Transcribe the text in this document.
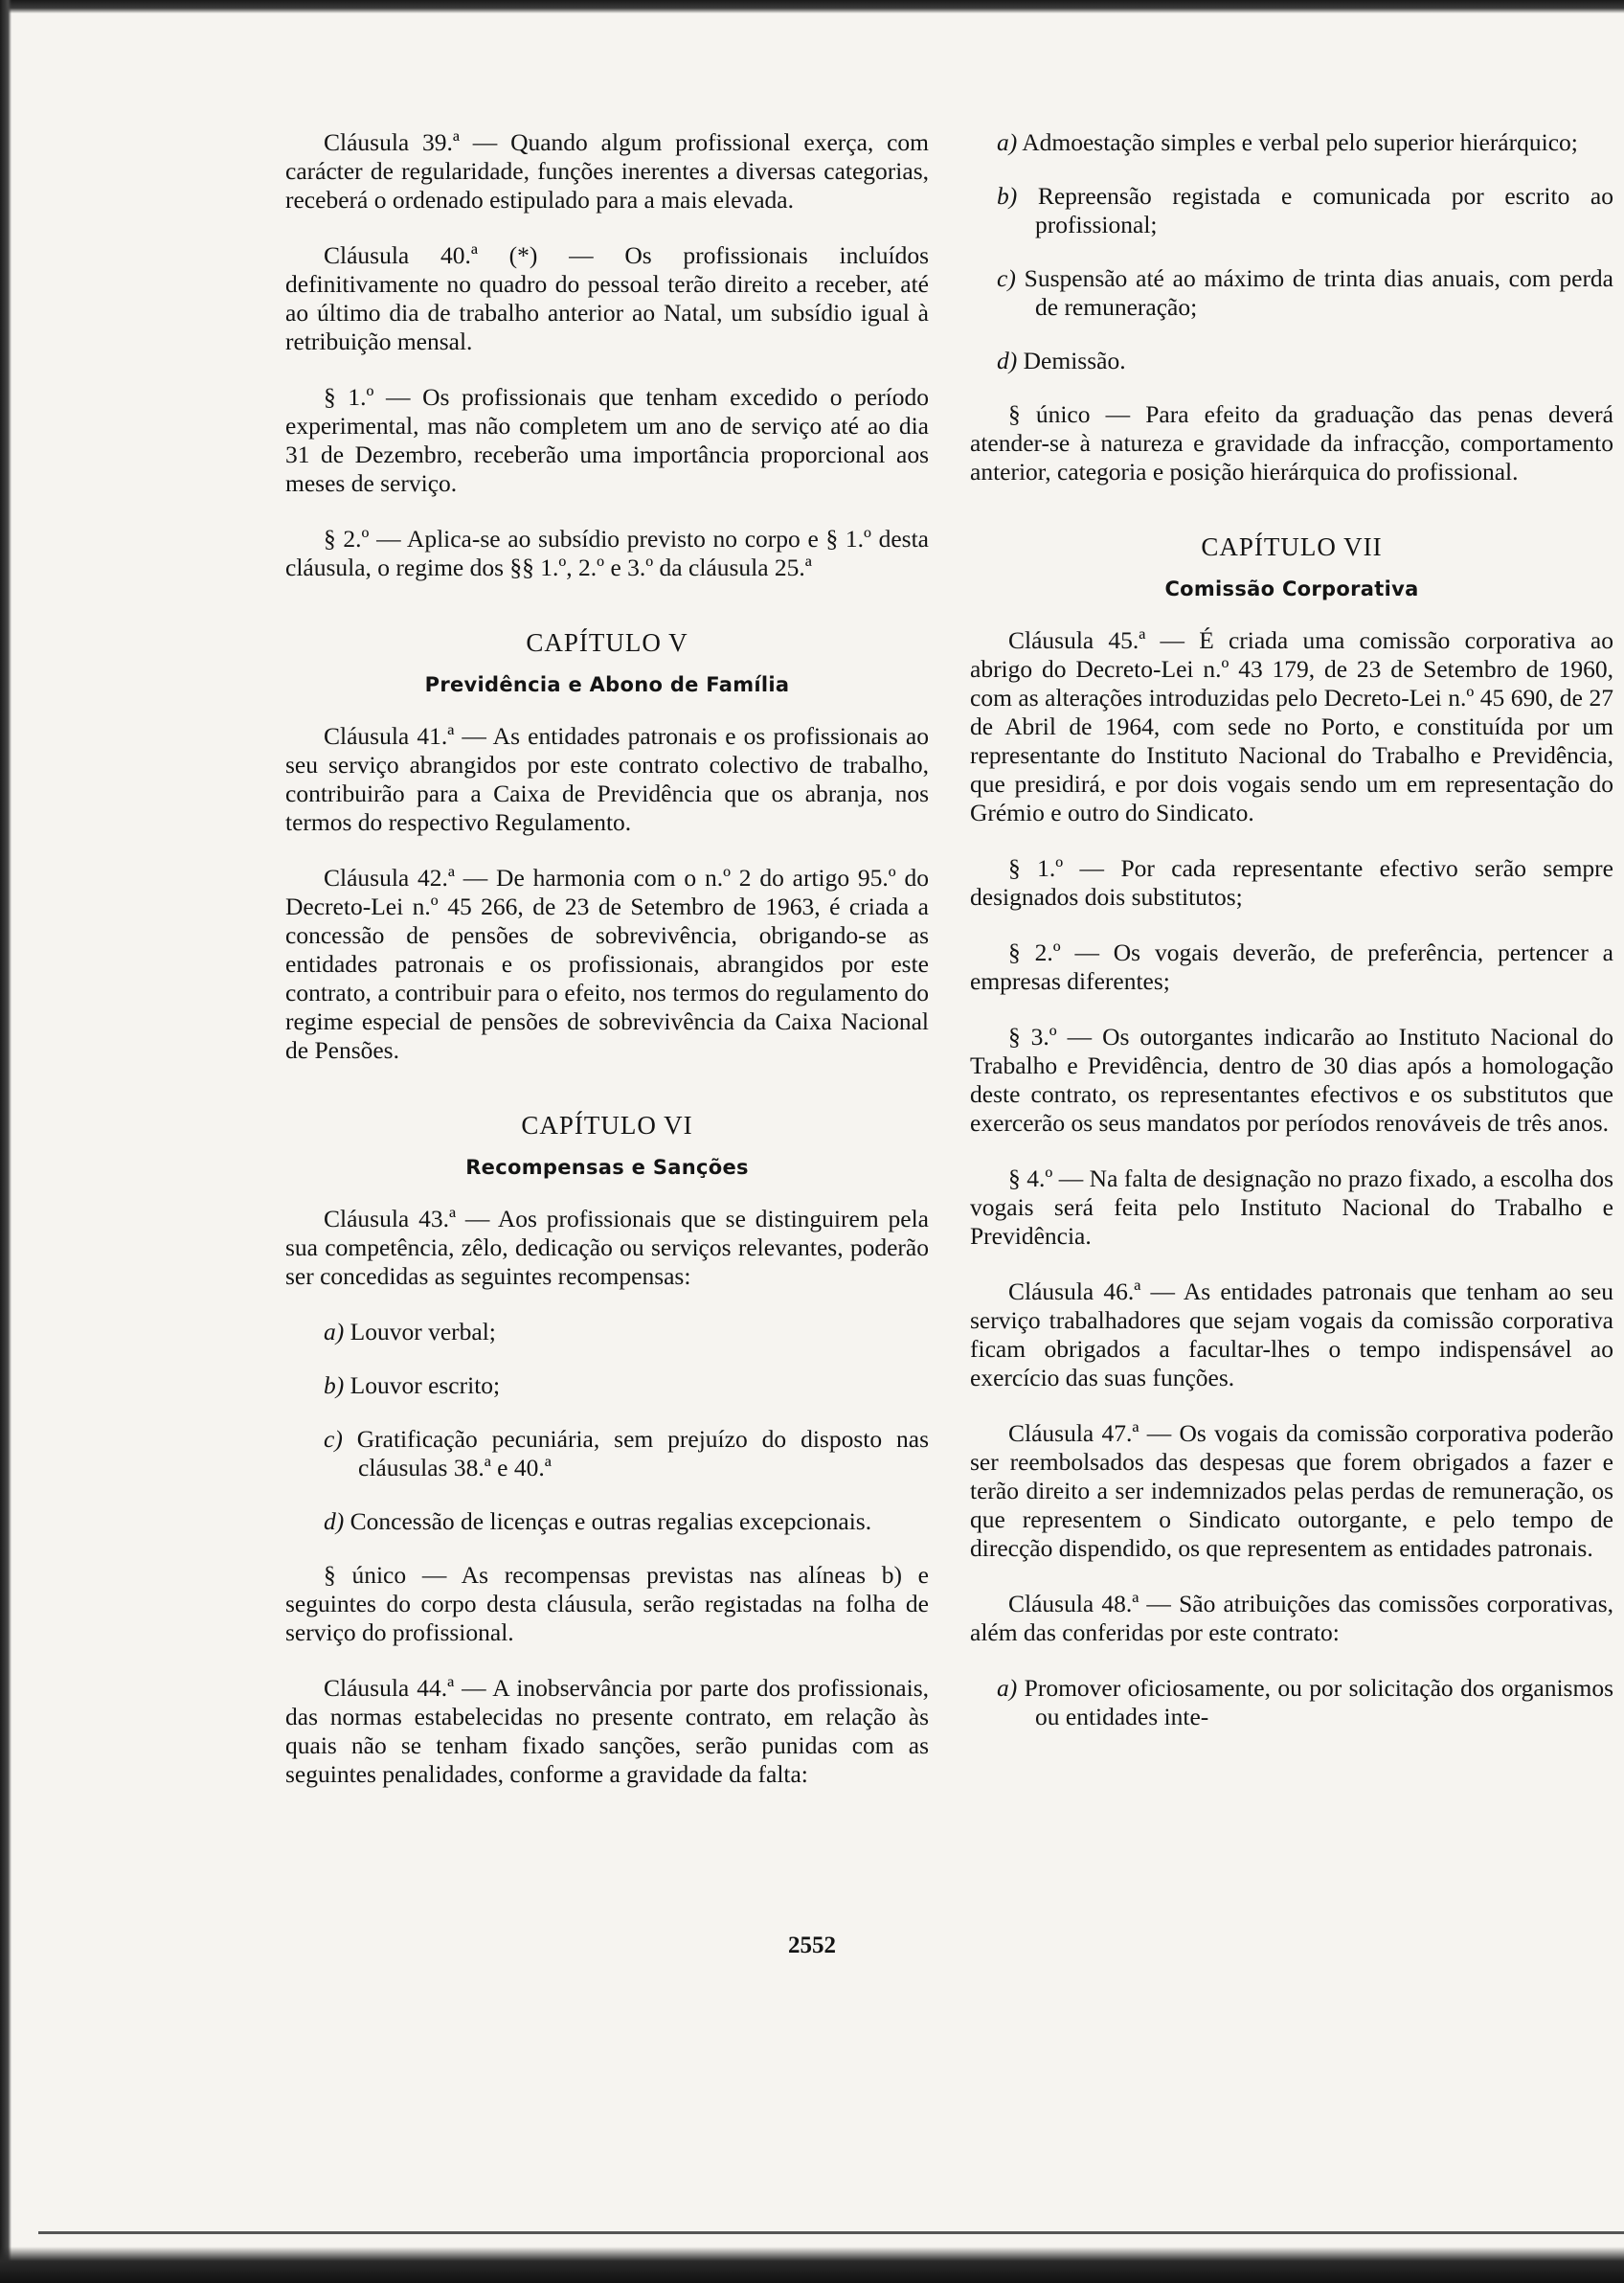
Cláusula 39.ª — Quando algum profissional exerça, com carácter de regularidade, funções inerentes a diversas categorias, receberá o ordenado estipulado para a mais elevada.

Cláusula 40.ª (*) — Os profissionais incluídos definitivamente no quadro do pessoal terão direito a receber, até ao último dia de trabalho anterior ao Natal, um subsídio igual à retribuição mensal.

§ 1.º — Os profissionais que tenham excedido o período experimental, mas não completem um ano de serviço até ao dia 31 de Dezembro, receberão uma importância proporcional aos meses de serviço.

§ 2.º — Aplica-se ao subsídio previsto no corpo e § 1.º desta cláusula, o regime dos §§ 1.º, 2.º e 3.º da cláusula 25.ª

CAPÍTULO V
Previdência e Abono de Família

Cláusula 41.ª — As entidades patronais e os profissionais ao seu serviço abrangidos por este contrato colectivo de trabalho, contribuirão para a Caixa de Previdência que os abranja, nos termos do respectivo Regulamento.

Cláusula 42.ª — De harmonia com o n.º 2 do artigo 95.º do Decreto-Lei n.º 45 266, de 23 de Setembro de 1963, é criada a concessão de pensões de sobrevivência, obrigando-se as entidades patronais e os profissionais, abrangidos por este contrato, a contribuir para o efeito, nos termos do regulamento do regime especial de pensões de sobrevivência da Caixa Nacional de Pensões.

CAPÍTULO VI
Recompensas e Sanções

Cláusula 43.ª — Aos profissionais que se distinguirem pela sua competência, zêlo, dedicação ou serviços relevantes, poderão ser concedidas as seguintes recompensas:

a) Louvor verbal;
b) Louvor escrito;
c) Gratificação pecuniária, sem prejuízo do disposto nas cláusulas 38.ª e 40.ª
d) Concessão de licenças e outras regalias excepcionais.

§ único — As recompensas previstas nas alíneas b) e seguintes do corpo desta cláusula, serão registadas na folha de serviço do profissional.

Cláusula 44.ª — A inobservância por parte dos profissionais, das normas estabelecidas no presente contrato, em relação às quais não se tenham fixado sanções, serão punidas com as seguintes penalidades, conforme a gravidade da falta:

a) Admoestação simples e verbal pelo superior hierárquico;
b) Repreensão registada e comunicada por escrito ao profissional;
c) Suspensão até ao máximo de trinta dias anuais, com perda de remuneração;
d) Demissão.

§ único — Para efeito da graduação das penas deverá atender-se à natureza e gravidade da infracção, comportamento anterior, categoria e posição hierárquica do profissional.

CAPÍTULO VII
Comissão Corporativa

Cláusula 45.ª — É criada uma comissão corporativa ao abrigo do Decreto-Lei n.º 43 179, de 23 de Setembro de 1960, com as alterações introduzidas pelo Decreto-Lei n.º 45 690, de 27 de Abril de 1964, com sede no Porto, e constituída por um representante do Instituto Nacional do Trabalho e Previdência, que presidirá, e por dois vogais sendo um em representação do Grémio e outro do Sindicato.

§ 1.º — Por cada representante efectivo serão sempre designados dois substitutos;

§ 2.º — Os vogais deverão, de preferência, pertencer a empresas diferentes;

§ 3.º — Os outorgantes indicarão ao Instituto Nacional do Trabalho e Previdência, dentro de 30 dias após a homologação deste contrato, os representantes efectivos e os substitutos que exercerão os seus mandatos por períodos renováveis de três anos.

§ 4.º — Na falta de designação no prazo fixado, a escolha dos vogais será feita pelo Instituto Nacional do Trabalho e Previdência.

Cláusula 46.ª — As entidades patronais que tenham ao seu serviço trabalhadores que sejam vogais da comissão corporativa ficam obrigados a facultar-lhes o tempo indispensável ao exercício das suas funções.

Cláusula 47.ª — Os vogais da comissão corporativa poderão ser reembolsados das despesas que forem obrigados a fazer e terão direito a ser indemnizados pelas perdas de remuneração, os que representem o Sindicato outorgante, e pelo tempo de direcção dispendido, os que representem as entidades patronais.

Cláusula 48.ª — São atribuições das comissões corporativas, além das conferidas por este contrato:

a) Promover oficiosamente, ou por solicitação dos organismos ou entidades inte-
2552
